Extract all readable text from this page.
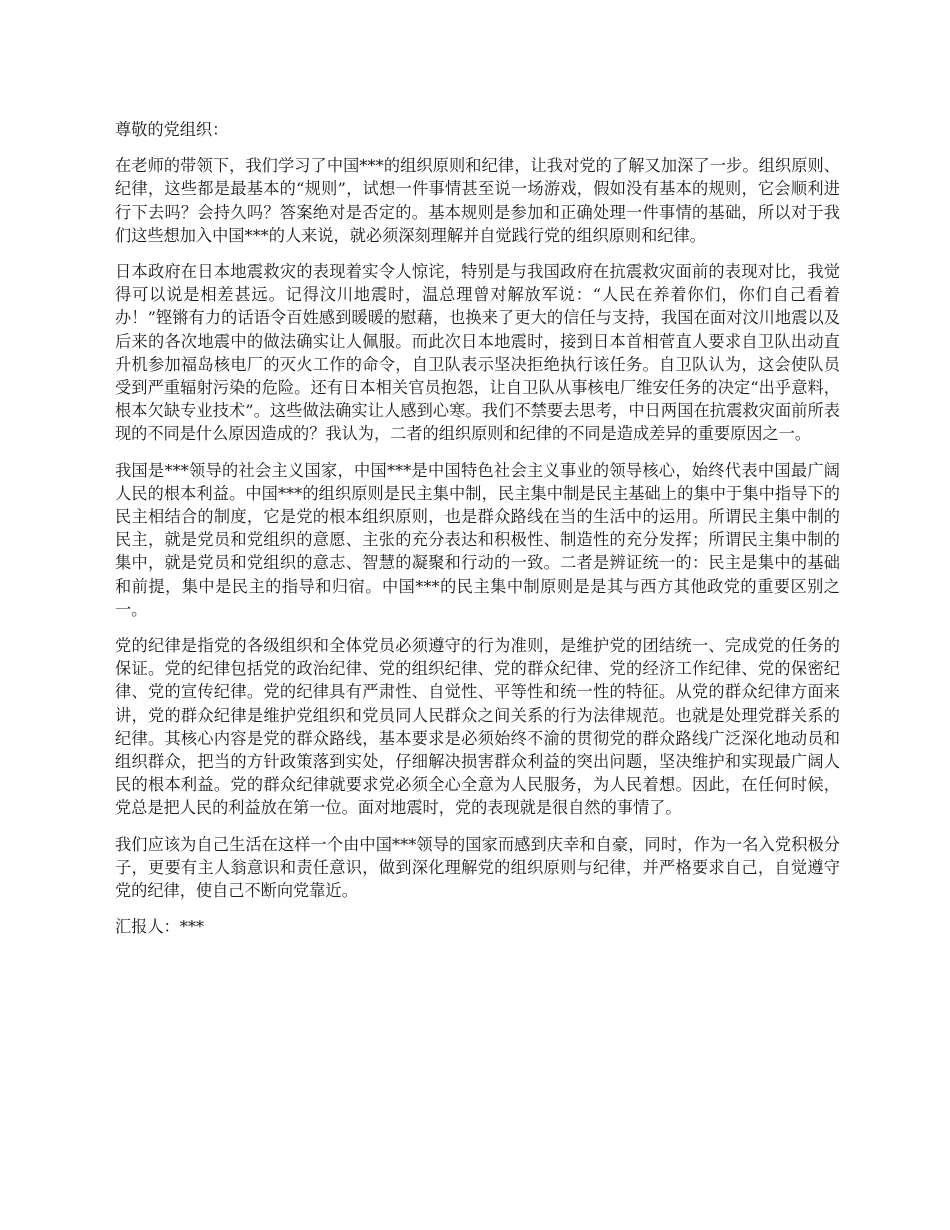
尊敬的党组织：

在老师的带领下，我们学习了中国***的组织原则和纪律，让我对党的了解又加深了一步。组织原则、纪律，这些都是最基本的“规则”，试想一件事情甚至说一场游戏，假如没有基本的规则，它会顺利进行下去吗？会持久吗？答案绝对是否定的。基本规则是参加和正确处理一件事情的基础，所以对于我们这些想加入中国***的人来说，就必须深刻理解并自觉践行党的组织原则和纪律。

日本政府在日本地震救灾的表现着实令人惊诧，特别是与我国政府在抗震救灾面前的表现对比，我觉得可以说是相差甚远。记得汶川地震时，温总理曾对解放军说：“人民在养着你们，你们自己看着办！”铿锵有力的话语令百姓感到暖暖的慰藉，也换来了更大的信任与支持，我国在面对汶川地震以及后来的各次地震中的做法确实让人佩服。而此次日本地震时，接到日本首相菅直人要求自卫队出动直升机参加福岛核电厂的灭火工作的命令，自卫队表示坚决拒绝执行该任务。自卫队认为，这会使队员受到严重辐射污染的危险。还有日本相关官员抱怨，让自卫队从事核电厂维安任务的决定“出乎意料，根本欠缺专业技术”。这些做法确实让人感到心寒。我们不禁要去思考，中日两国在抗震救灾面前所表现的不同是什么原因造成的？我认为，二者的组织原则和纪律的不同是造成差异的重要原因之一。

我国是***领导的社会主义国家，中国***是中国特色社会主义事业的领导核心，始终代表中国最广阔人民的根本利益。中国***的组织原则是民主集中制，民主集中制是民主基础上的集中于集中指导下的民主相结合的制度，它是党的根本组织原则，也是群众路线在当的生活中的运用。所谓民主集中制的民主，就是党员和党组织的意愿、主张的充分表达和积极性、制造性的充分发挥；所谓民主集中制的集中，就是党员和党组织的意志、智慧的凝聚和行动的一致。二者是辨证统一的：民主是集中的基础和前提，集中是民主的指导和归宿。中国***的民主集中制原则是是其与西方其他政党的重要区别之一。

党的纪律是指党的各级组织和全体党员必须遵守的行为准则，是维护党的团结统一、完成党的任务的保证。党的纪律包括党的政治纪律、党的组织纪律、党的群众纪律、党的经济工作纪律、党的保密纪律、党的宣传纪律。党的纪律具有严肃性、自觉性、平等性和统一性的特征。从党的群众纪律方面来讲，党的群众纪律是维护党组织和党员同人民群众之间关系的行为法律规范。也就是处理党群关系的纪律。其核心内容是党的群众路线，基本要求是必须始终不渝的贯彻党的群众路线广泛深化地动员和组织群众，把当的方针政策落到实处，仔细解决损害群众利益的突出问题，坚决维护和实现最广阔人民的根本利益。党的群众纪律就要求党必须全心全意为人民服务，为人民着想。因此，在任何时候，党总是把人民的利益放在第一位。面对地震时，党的表现就是很自然的事情了。

我们应该为自己生活在这样一个由中国***领导的国家而感到庆幸和自豪，同时，作为一名入党积极分子，更要有主人翁意识和责任意识，做到深化理解党的组织原则与纪律，并严格要求自己，自觉遵守党的纪律，使自己不断向党靠近。

汇报人：***
